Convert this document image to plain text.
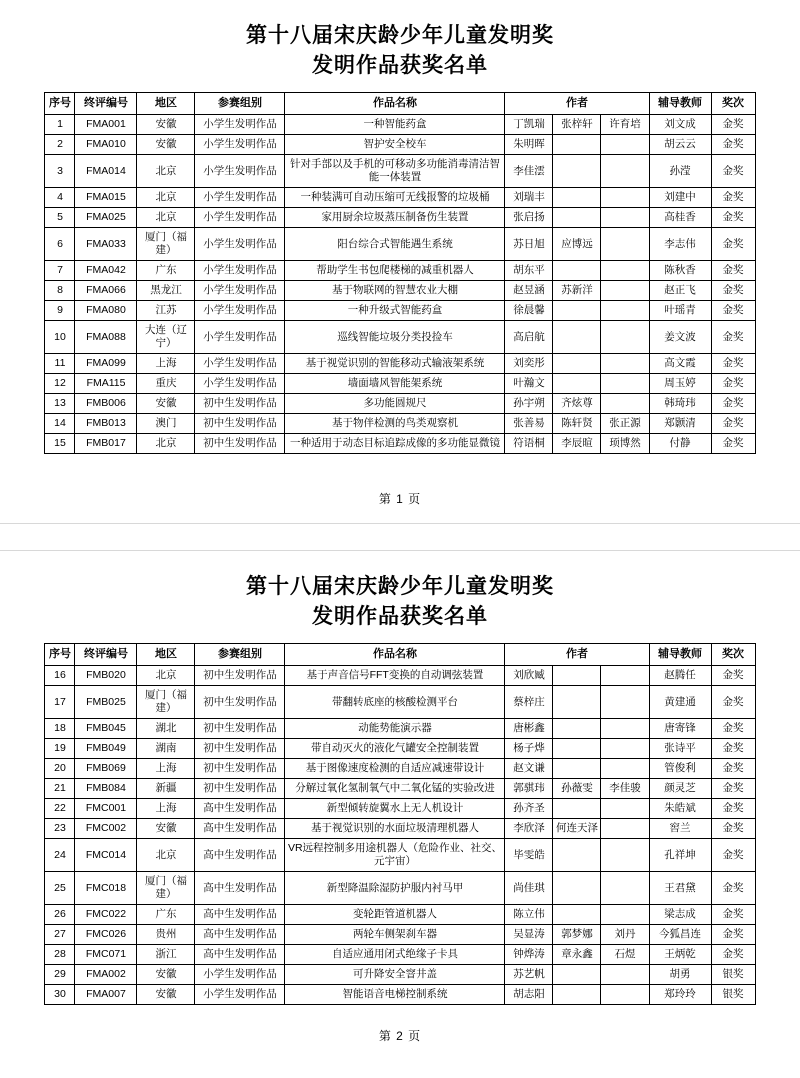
第十八届宋庆龄少年儿童发明奖
发明作品获奖名单
序号	终评编号	地区	参赛组别	作品名称	作者			辅导教师	奖次
1	FMA001	安徽	小学生发明作品	一种智能药盒	丁凯瑞	张梓轩	许育培	刘文成	金奖
2	FMA010	安徽	小学生发明作品	智护安全校车	朱明晖			胡云云	金奖
3	FMA014	北京	小学生发明作品	针对手部以及手机的可移动多功能消毒清洁智能一体装置	李佳澐			孙滢	金奖
4	FMA015	北京	小学生发明作品	一种装满可自动压缩可无线报警的垃圾桶	刘瑞丰			刘建中	金奖
5	FMA025	北京	小学生发明作品	家用厨余垃圾蒸压制备伤生装置	张启扬			高桂香	金奖
6	FMA033	厦门（福建）	小学生发明作品	阳台综合式智能遇生系统	苏日旭	应博远		李志伟	金奖
7	FMA042	广东	小学生发明作品	帮助学生书包爬楼梯的减重机器人	胡东平			陈秋香	金奖
8	FMA066	黑龙江	小学生发明作品	基于物联网的智慧农业大棚	赵昱涵	苏新洋		赵正飞	金奖
9	FMA080	江苏	小学生发明作品	一种升级式智能药盒	徐晨馨			叶瑶青	金奖
10	FMA088	大连（辽宁）	小学生发明作品	巡线智能垃圾分类投捡车	高启航			姜文波	金奖
11	FMA099	上海	小学生发明作品	基于视觉识别的智能移动式输液架系统	刘奕彤			高文霞	金奖
12	FMA115	重庆	小学生发明作品	墙面墙风智能架系统	叶瀚文			周玉婷	金奖
13	FMB006	安徽	初中生发明作品	多功能圆规尺	孙宇朔	齐炫尊		韩琦玮	金奖
14	FMB013	澳门	初中生发明作品	基于物伴检测的鸟类观察机	张善易	陈轩贤	张正源	郑颢清	金奖
15	FMB017	北京	初中生发明作品	一种适用于动态目标追踪成像的多功能显微镜	符语桐	李辰暄	顼博然	付静	金奖
第 1 页
第十八届宋庆龄少年儿童发明奖
发明作品获奖名单
序号	终评编号	地区	参赛组别	作品名称	作者			辅导教师	奖次
16	FMB020	北京	初中生发明作品	基于声音信号FFT变换的自动调弦装置	刘欣臧			赵腾任	金奖
17	FMB025	厦门（福建）	初中生发明作品	带翻转底座的核酸检测平台	蔡梓庄			黄建通	金奖
18	FMB045	湖北	初中生发明作品	动能势能演示器	唐彬鑫			唐寄锋	金奖
19	FMB049	湖南	初中生发明作品	带自动灭火的液化气罐安全控制装置	杨子烨			张诗平	金奖
20	FMB069	上海	初中生发明作品	基于图像速度检测的自适应减速带设计	赵文谦			管俊利	金奖
21	FMB084	新疆	初中生发明作品	分解过氧化氢制氧气中二氧化锰的实验改进	郭骐玮	孙薇雯	李佳骏	颜灵芝	金奖
22	FMC001	上海	高中生发明作品	新型倾转旋翼水上无人机设计	孙齐圣			朱皓斌	金奖
23	FMC002	安徽	高中生发明作品	基于视觉识别的水面垃圾清理机器人	李欣泽	何连天泽		窖兰	金奖
24	FMC014	北京	高中生发明作品	VR远程控制多用途机器人（危险作业、社交、元宇宙）	毕雯皓			孔祥坤	金奖
25	FMC018	厦门（福建）	高中生发明作品	新型降温除湿防护服内衬马甲	尚佳琪			王君黛	金奖
26	FMC022	广东	高中生发明作品	变轮距管道机器人	陈立伟			梁志成	金奖
27	FMC026	贵州	高中生发明作品	两轮车侧架刹车器	吴显涛	郭梦娜	刘丹	今狐昌连	金奖
28	FMC071	浙江	高中生发明作品	自适应通用闭式绝缘子卡具	钟烨涛	章永鑫	石煜	王炳乾	金奖
29	FMA002	安徽	小学生发明作品	可升降安全窨井盖	苏艺帆			胡勇	银奖
30	FMA007	安徽	小学生发明作品	智能语音电梯控制系统	胡志阳			郑玲玲	银奖
第 2 页
